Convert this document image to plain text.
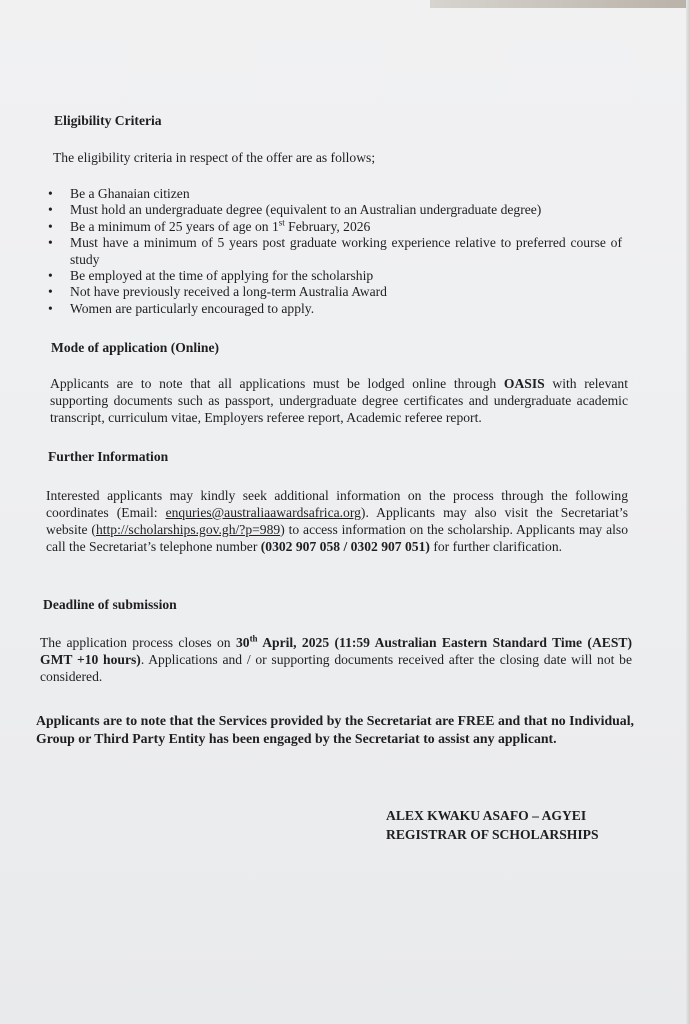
Eligibility Criteria
The eligibility criteria in respect of the offer are as follows;
• Be a Ghanaian citizen
• Must hold an undergraduate degree (equivalent to an Australian undergraduate degree)
• Be a minimum of 25 years of age on 1st February, 2026
• Must have a minimum of 5 years post graduate working experience relative to preferred course of study
• Be employed at the time of applying for the scholarship
• Not have previously received a long-term Australia Award
• Women are particularly encouraged to apply.
Mode of application (Online)
Applicants are to note that all applications must be lodged online through OASIS with relevant supporting documents such as passport, undergraduate degree certificates and undergraduate academic transcript, curriculum vitae, Employers referee report, Academic referee report.
Further Information
Interested applicants may kindly seek additional information on the process through the following coordinates (Email: enquries@australiaawardsafrica.org). Applicants may also visit the Secretariat’s website (http://scholarships.gov.gh/?p=989) to access information on the scholarship. Applicants may also call the Secretariat’s telephone number (0302 907 058 / 0302 907 051) for further clarification.
Deadline of submission
The application process closes on 30th April, 2025 (11:59 Australian Eastern Standard Time (AEST) GMT +10 hours). Applications and / or supporting documents received after the closing date will not be considered.
Applicants are to note that the Services provided by the Secretariat are FREE and that no Individual, Group or Third Party Entity has been engaged by the Secretariat to assist any applicant.
ALEX KWAKU ASAFO – AGYEI
REGISTRAR OF SCHOLARSHIPS
